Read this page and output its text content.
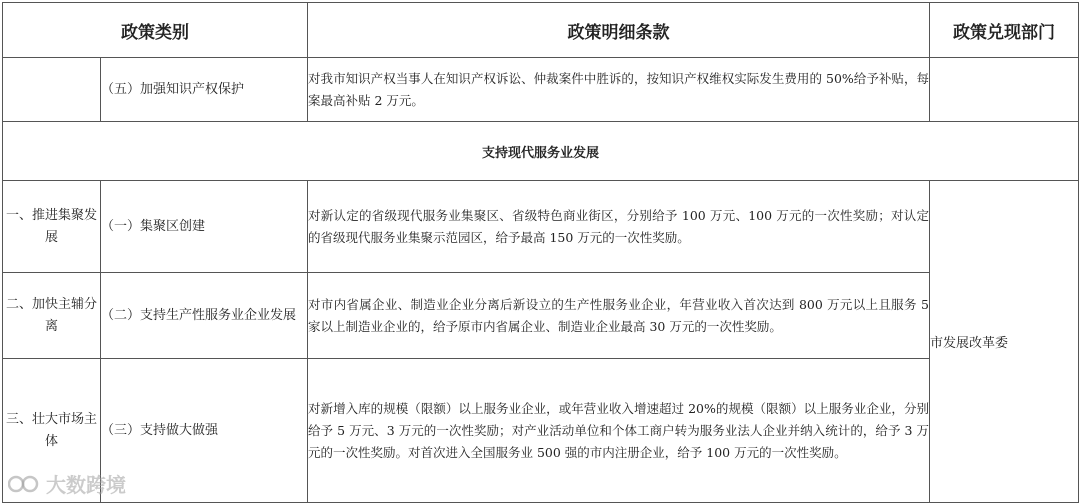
政策类别		政策明细条款	政策兑现部门
	（五）加强知识产权保护	对我市知识产权当事人在知识产权诉讼、仲裁案件中胜诉的，按知识产权维权实际发生费用的 50%给予补贴，每案最高补贴 2 万元。	
支持现代服务业发展			
一、推进集聚发展	（一）集聚区创建	对新认定的省级现代服务业集聚区、省级特色商业街区，分别给予 100 万元、100 万元的一次性奖励；对认定的省级现代服务业集聚示范园区，给予最高 150 万元的一次性奖励。	市发展改革委
二、加快主辅分离	（二）支持生产性服务业企业发展	对市内省属企业、制造业企业分离后新设立的生产性服务业企业，年营业收入首次达到 800 万元以上且服务 5 家以上制造业企业的，给予原市内省属企业、制造业企业最高 30 万元的一次性奖励。	
三、壮大市场主体	（三）支持做大做强	对新增入库的规模（限额）以上服务业企业，或年营业收入增速超过 20%的规模（限额）以上服务业企业，分别给予 5 万元、3 万元的一次性奖励；对产业活动单位和个体工商户转为服务业法人企业并纳入统计的，给予 3 万元的一次性奖励。对首次进入全国服务业 500 强的市内注册企业，给予 100 万元的一次性奖励。	
大数跨境
